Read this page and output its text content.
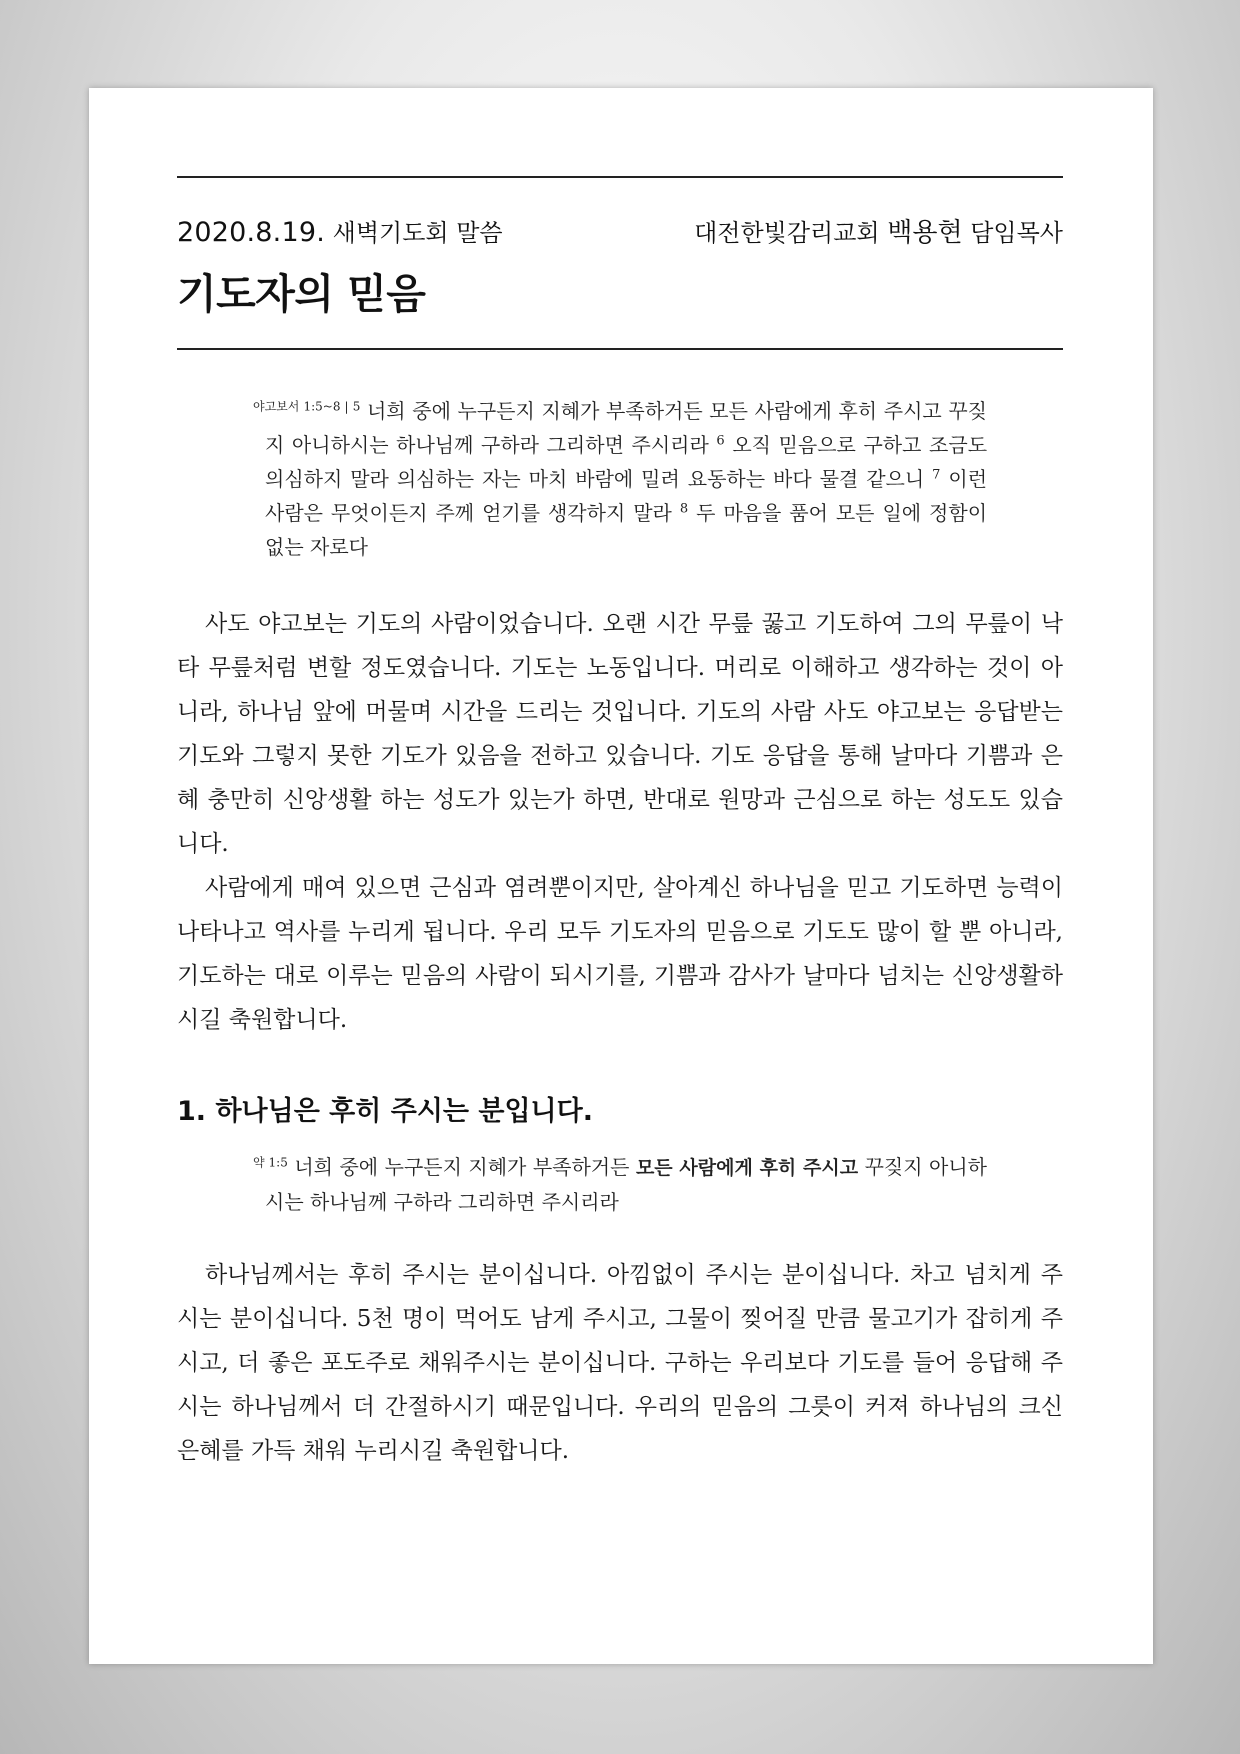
2020.8.19. 새벽기도회 말씀	대전한빛감리교회 백용현 담임목사
기도자의 믿음
$^{야고보서 1:5\sim 8 | 5}$ 너희 중에 누구든지 지혜가 부족하거든 모든 사람에게 후히 주시고 꾸짖지 아니하시는 하나님께 구하라 그리하면 주시리라 $^6$ 오직 믿음으로 구하고 조금도 의심하지 말라 의심하는 자는 마치 바람에 밀려 요동하는 바다 물결 같으니 $^7$ 이런 사람은 무엇이든지 주께 얻기를 생각하지 말라 $^8$ 두 마음을 품어 모든 일에 정함이 없는 자로다

사도 야고보는 기도의 사람이었습니다. 오랜 시간 무릎 꿇고 기도하여 그의 무릎이 낙타 무릎처럼 변할 정도였습니다. 기도는 노동입니다. 머리로 이해하고 생각하는 것이 아니라, 하나님 앞에 머물며 시간을 드리는 것입니다. 기도의 사람 사도 야고보는 응답받는 기도와 그렇지 못한 기도가 있음을 전하고 있습니다. 기도 응답을 통해 날마다 기쁨과 은혜 충만히 신앙생활 하는 성도가 있는가 하면, 반대로 원망과 근심으로 하는 성도도 있습니다.

사람에게 매여 있으면 근심과 염려뿐이지만, 살아계신 하나님을 믿고 기도하면 능력이 나타나고 역사를 누리게 됩니다. 우리 모두 기도자의 믿음으로 기도도 많이 할 뿐 아니라, 기도하는 대로 이루는 믿음의 사람이 되시기를, 기쁨과 감사가 날마다 넘치는 신앙생활하시길 축원합니다.

1. 하나님은 후히 주시는 분입니다.
$^{약 1:5}$ 너희 중에 누구든지 지혜가 부족하거든 모든 사람에게 후히 주시고 꾸짖지 아니하시는 하나님께 구하라 그리하면 주시리라

하나님께서는 후히 주시는 분이십니다. 아낌없이 주시는 분이십니다. 차고 넘치게 주시는 분이십니다. 5천 명이 먹어도 남게 주시고, 그물이 찢어질 만큼 물고기가 잡히게 주시고, 더 좋은 포도주로 채워주시는 분이십니다. 구하는 우리보다 기도를 들어 응답해 주시는 하나님께서 더 간절하시기 때문입니다. 우리의 믿음의 그릇이 커져 하나님의 크신 은혜를 가득 채워 누리시길 축원합니다.
